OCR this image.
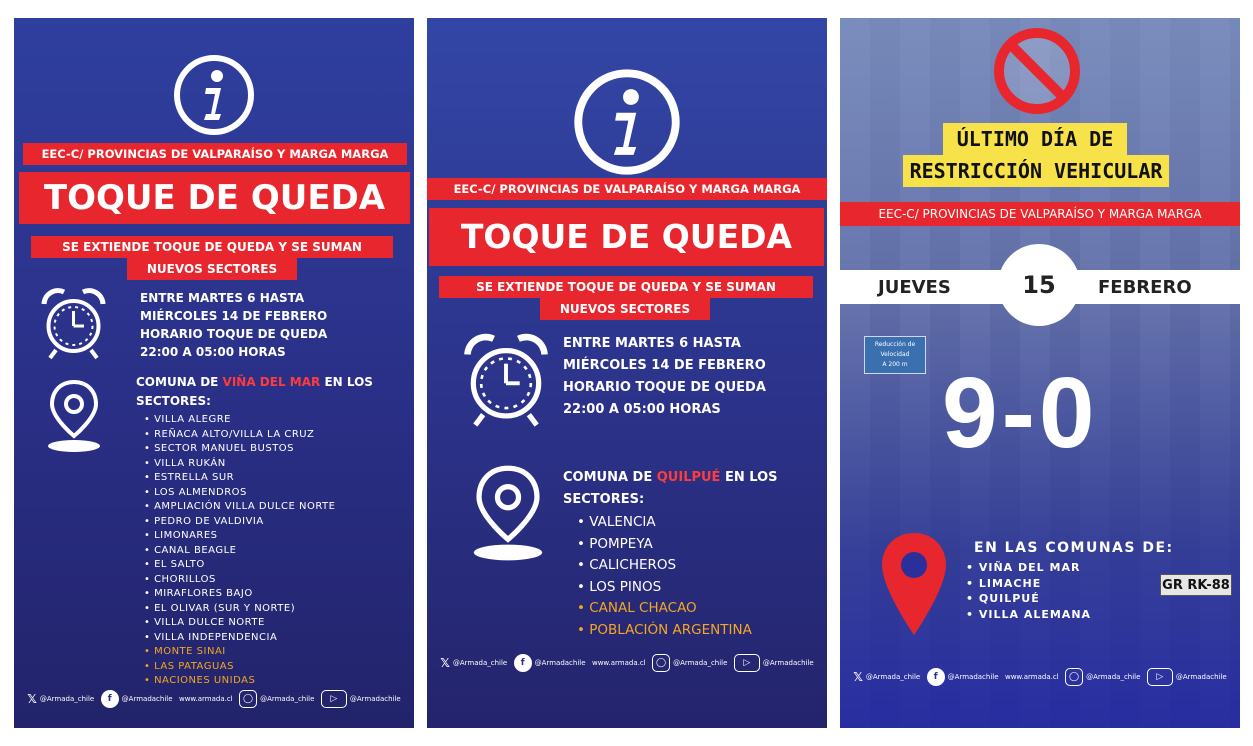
EEC-C/ PROVINCIAS DE VALPARAÍSO Y MARGA MARGA
TOQUE DE QUEDA
SE EXTIENDE TOQUE DE QUEDA Y SE SUMAN
NUEVOS SECTORES
ENTRE MARTES 6 HASTA
MIÉRCOLES 14 DE FEBRERO
HORARIO TOQUE DE QUEDA
22:00 A 05:00 HORAS
COMUNA DE VIÑA DEL MAR EN LOS
SECTORES:
• VILLA ALEGRE
• REÑACA ALTO/VILLA LA CRUZ
• SECTOR MANUEL BUSTOS
• VILLA RUKÁN
• ESTRELLA SUR
• LOS ALMENDROS
• AMPLIACIÓN VILLA DULCE NORTE
• PEDRO DE VALDIVIA
• LIMONARES
• CANAL BEAGLE
• EL SALTO
• CHORILLOS
• MIRAFLORES BAJO
• EL OLIVAR (SUR Y NORTE)
• VILLA DULCE NORTE
• VILLA INDEPENDENCIA
• MONTE SINAI
• LAS PATAGUAS
• NACIONES UNIDAS
𝕏 @Armada_chile	f	@Armadachile www.armada.cl	◯ @Armada_chile	▷	@Armadachile
EEC-C/ PROVINCIAS DE VALPARAÍSO Y MARGA MARGA
TOQUE DE QUEDA
SE EXTIENDE TOQUE DE QUEDA Y SE SUMAN
NUEVOS SECTORES
ENTRE MARTES 6 HASTA
MIÉRCOLES 14 DE FEBRERO
HORARIO TOQUE DE QUEDA
22:00 A 05:00 HORAS
COMUNA DE QUILPUÉ EN LOS
SECTORES:
• VALENCIA
• POMPEYA
• CALICHEROS
• LOS PINOS
• CANAL CHACAO
• POBLACIÓN ARGENTINA
𝕏 @Armada_chile	f	@Armadachile www.armada.cl	◯ @Armada_chile	▷	@Armadachile
ÚLTIMO DÍA DE
RESTRICCIÓN VEHICULAR
EEC-C/ PROVINCIAS DE VALPARAÍSO Y MARGA MARGA
JUEVES	FEBRERO
15
Reducción de
Velocidad
A 200 m 9-0
GR RK-88
EN LAS COMUNAS DE:
• VIÑA DEL MAR
• LIMACHE
• QUILPUÉ
• VILLA ALEMANA
𝕏 @Armada_chile	f	@Armadachile www.armada.cl	◯ @Armada_chile	▷	@Armadachile
